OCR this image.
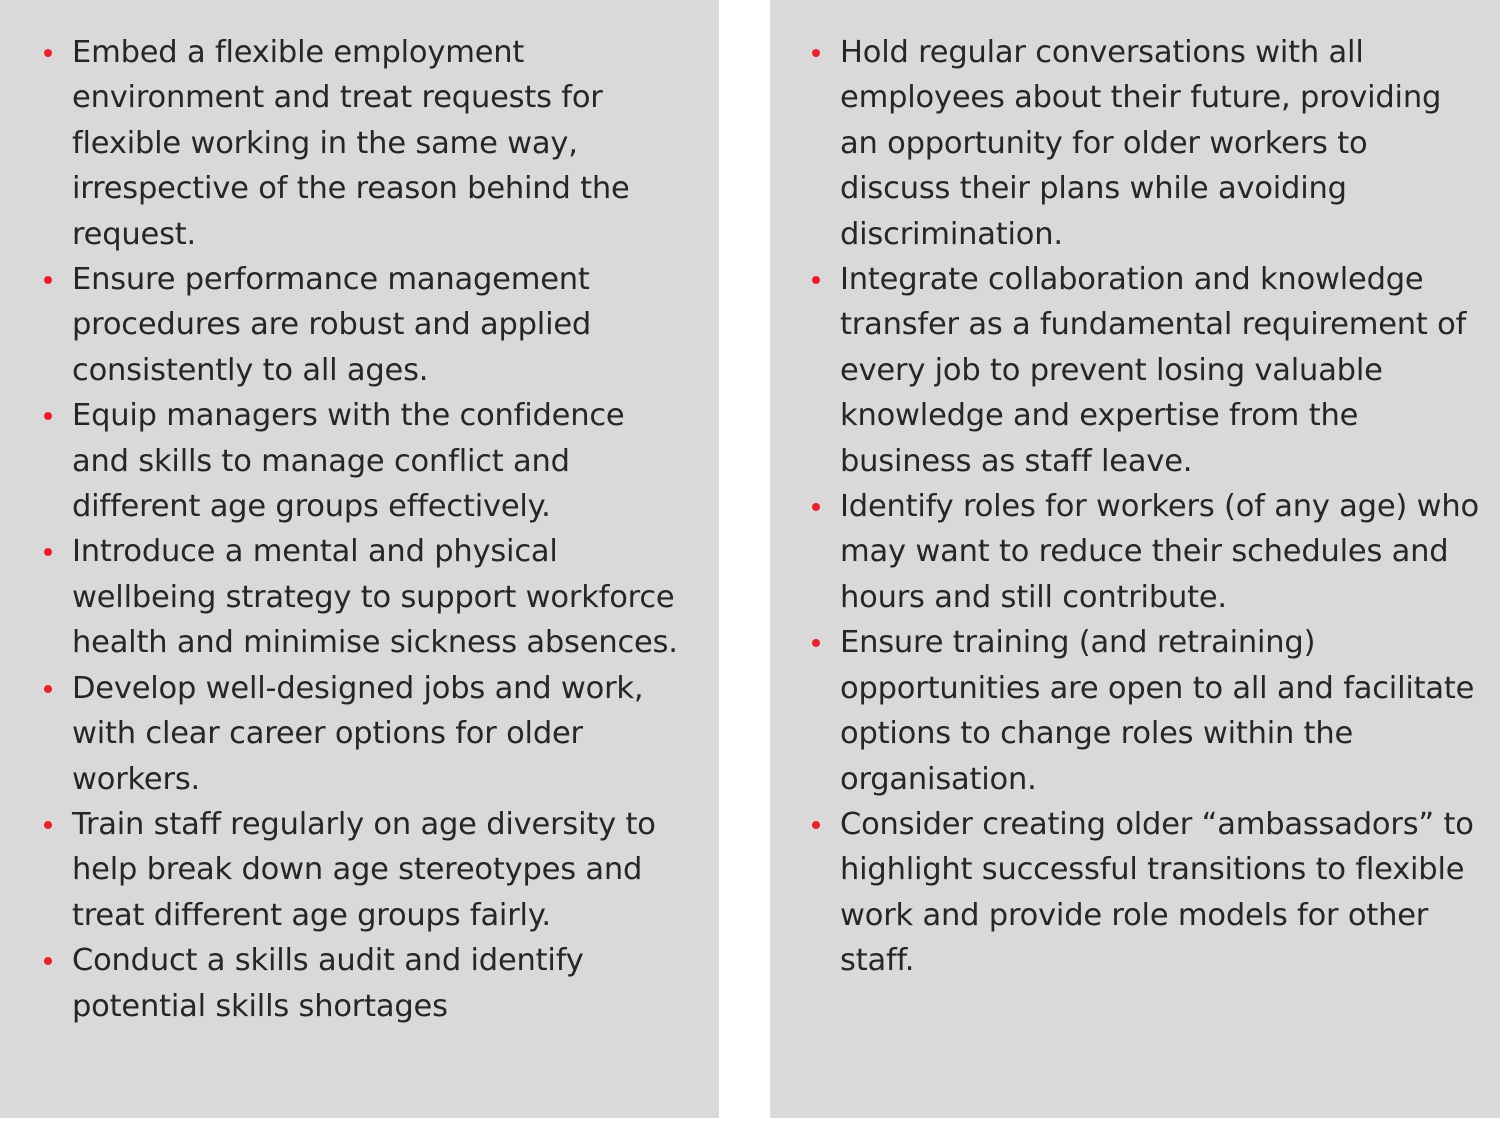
Embed a flexible employment environment and treat requests for flexible working in the same way, irrespective of the reason behind the request.
Ensure performance management procedures are robust and applied consistently to all ages.
Equip managers with the confidence and skills to manage conflict and different age groups effectively.
Introduce a mental and physical wellbeing strategy to support workforce health and minimise sickness absences.
Develop well-designed jobs and work, with clear career options for older workers.
Train staff regularly on age diversity to help break down age stereotypes and treat different age groups fairly.
Conduct a skills audit and identify potential skills shortages
Hold regular conversations with all employees about their future, providing an opportunity for older workers to discuss their plans while avoiding discrimination.
Integrate collaboration and knowledge transfer as a fundamental requirement of every job to prevent losing valuable knowledge and expertise from the business as staff leave.
Identify roles for workers (of any age) who may want to reduce their schedules and hours and still contribute.
Ensure training (and retraining) opportunities are open to all and facilitate options to change roles within the organisation.
Consider creating older “ambassadors” to highlight successful transitions to flexible work and provide role models for other staff.
